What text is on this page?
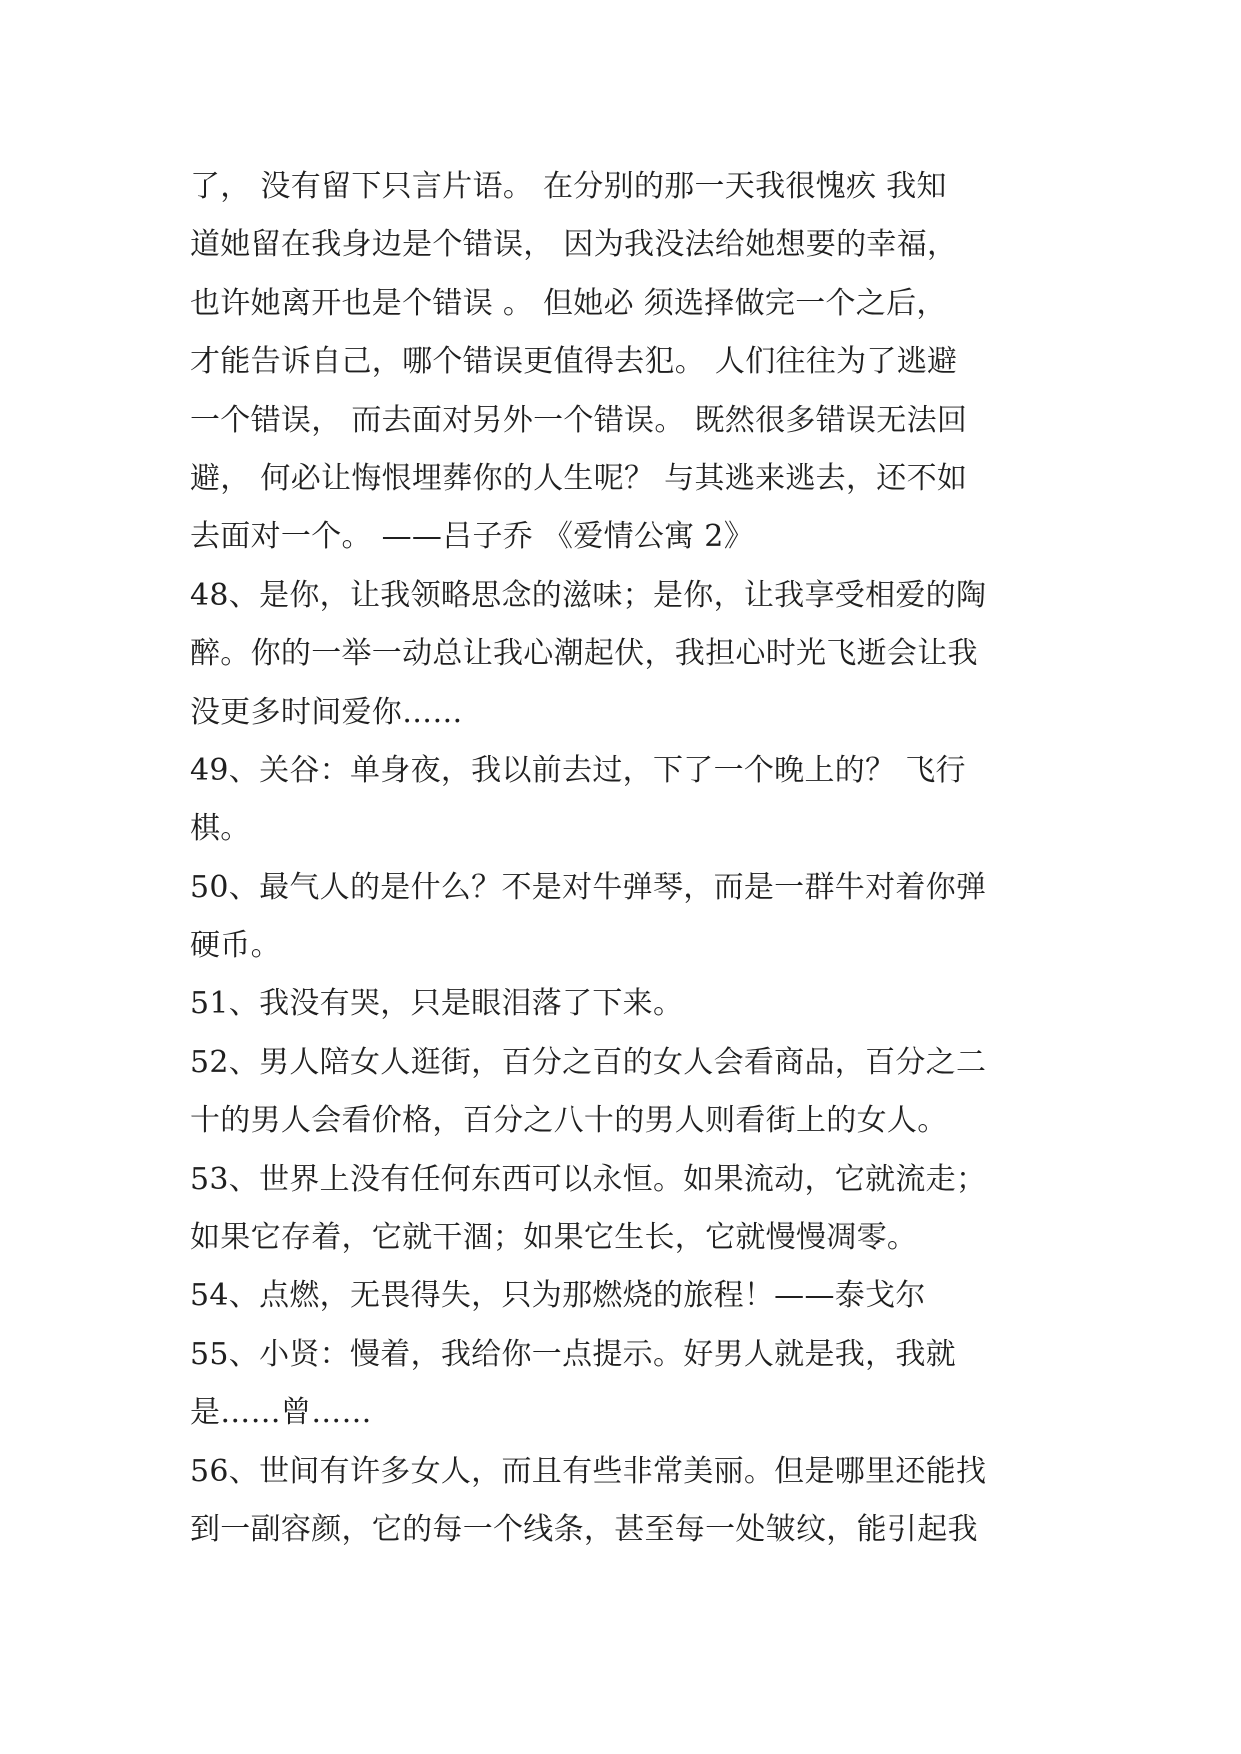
了， 没有留下只言片语。 在分别的那一天我很愧疚 我知
道她留在我身边是个错误， 因为我没法给她想要的幸福，
也许她离开也是个错误 。 但她必 须选择做完一个之后，
才能告诉自己，哪个错误更值得去犯。 人们往往为了逃避
一个错误， 而去面对另外一个错误。 既然很多错误无法回
避， 何必让悔恨埋葬你的人生呢？ 与其逃来逃去，还不如
去面对一个。 ——吕子乔 《爱情公寓 2》
48、是你，让我领略思念的滋味；是你，让我享受相爱的陶
醉。你的一举一动总让我心潮起伏，我担心时光飞逝会让我
没更多时间爱你……
49、关谷：单身夜，我以前去过，下了一个晚上的？ 飞行
棋。
50、最气人的是什么？不是对牛弹琴，而是一群牛对着你弹
硬币。
51、我没有哭，只是眼泪落了下来。
52、男人陪女人逛街，百分之百的女人会看商品，百分之二
十的男人会看价格，百分之八十的男人则看街上的女人。
53、世界上没有任何东西可以永恒。如果流动，它就流走；
如果它存着，它就干涸；如果它生长，它就慢慢凋零。
54、点燃，无畏得失，只为那燃烧的旅程！——泰戈尔
55、小贤：慢着，我给你一点提示。好男人就是我，我就
是……曾……
56、世间有许多女人，而且有些非常美丽。但是哪里还能找
到一副容颜，它的每一个线条，甚至每一处皱纹，能引起我
